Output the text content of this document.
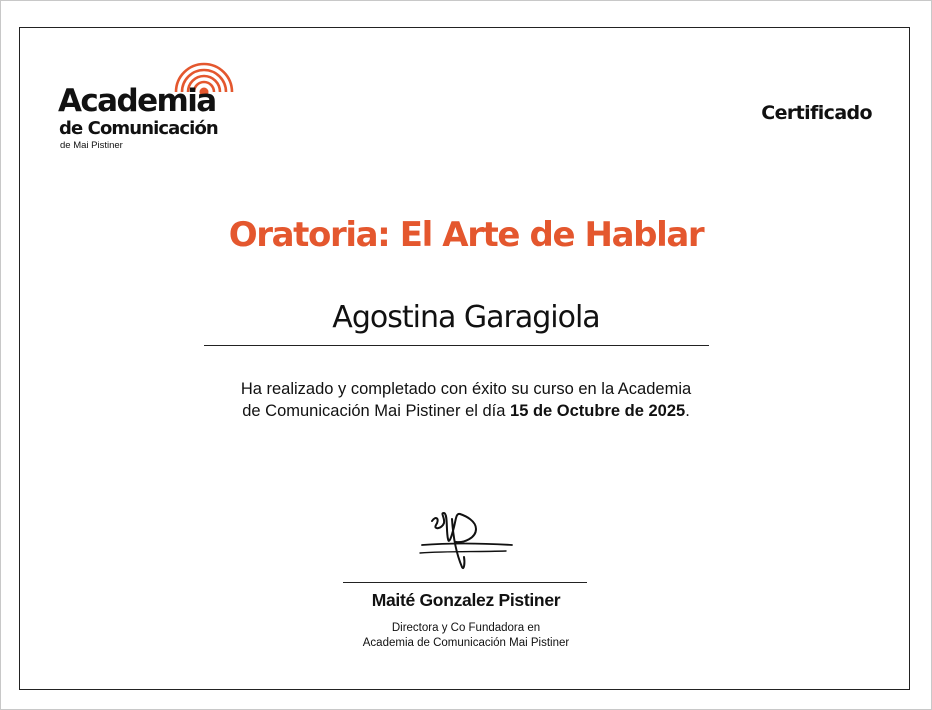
Academia
de Comunicación
de Mai Pistiner
Certificado
Oratoria: El Arte de Hablar
Agostina Garagiola
Ha realizado y completado con éxito su curso en la Academia
de Comunicación Mai Pistiner el día 15 de Octubre de 2025.
Maité Gonzalez Pistiner
Directora y Co Fundadora en
Academia de Comunicación Mai Pistiner
